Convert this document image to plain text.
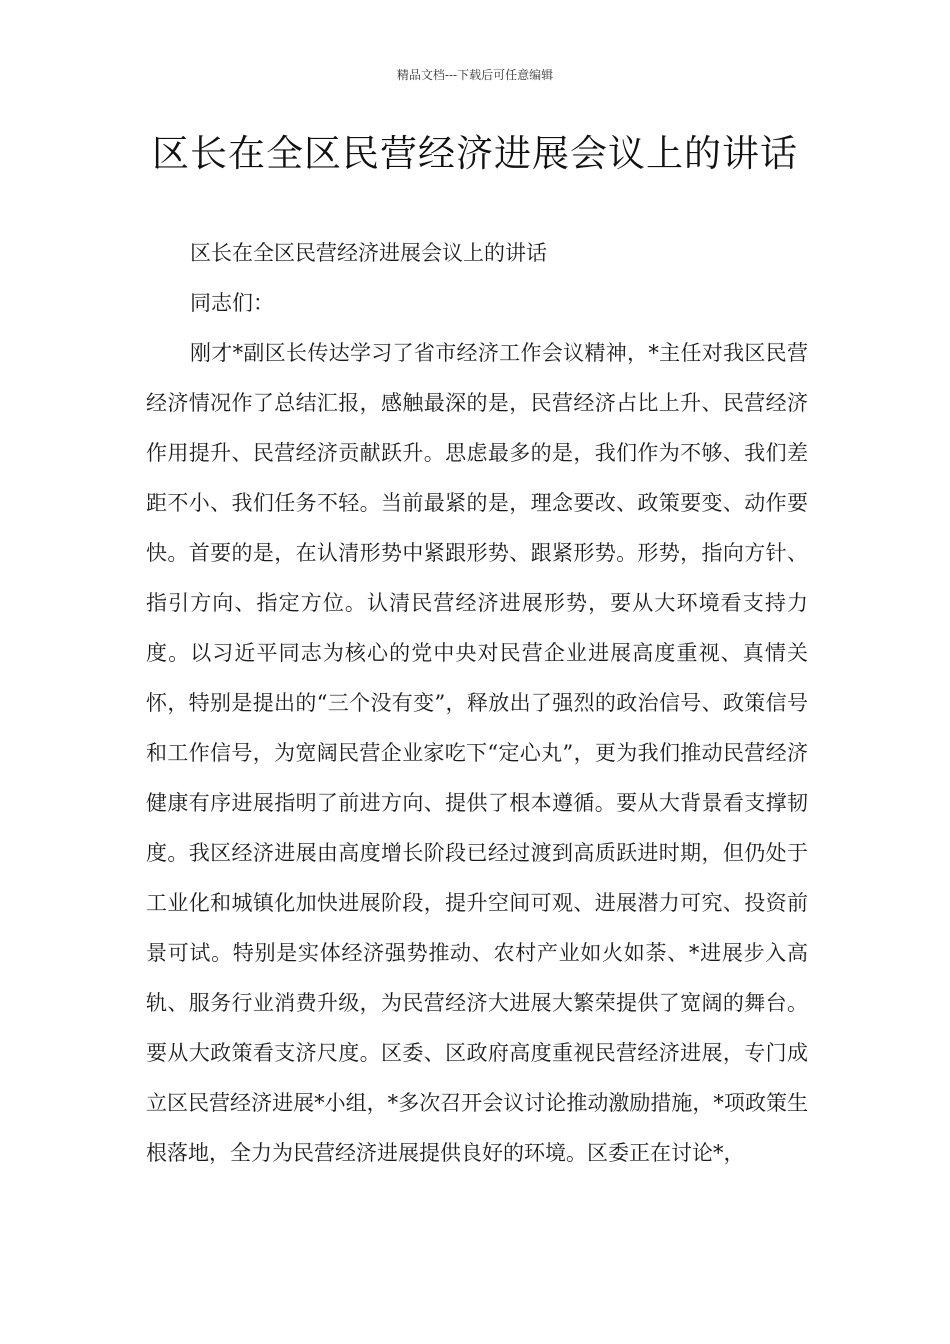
精品文档---下载后可任意编辑
区长在全区民营经济进展会议上的讲话

区长在全区民营经济进展会议上的讲话

同志们：

刚才*副区长传达学习了省市经济工作会议精神，*主任对我区民营经济情况作了总结汇报，感触最深的是，民营经济占比上升、民营经济作用提升、民营经济贡献跃升。思虑最多的是，我们作为不够、我们差距不小、我们任务不轻。当前最紧的是，理念要改、政策要变、动作要快。首要的是，在认清形势中紧跟形势、跟紧形势。形势，指向方针、指引方向、指定方位。认清民营经济进展形势，要从大环境看支持力度。以习近平同志为核心的党中央对民营企业进展高度重视、真情关怀，特别是提出的“三个没有变”，释放出了强烈的政治信号、政策信号和工作信号，为宽阔民营企业家吃下“定心丸”，更为我们推动民营经济健康有序进展指明了前进方向、提供了根本遵循。要从大背景看支撑韧度。我区经济进展由高度增长阶段已经过渡到高质跃进时期，但仍处于工业化和城镇化加快进展阶段，提升空间可观、进展潜力可究、投资前景可试。特别是实体经济强势推动、农村产业如火如荼、*进展步入高轨、服务行业消费升级，为民营经济大进展大繁荣提供了宽阔的舞台。要从大政策看支济尺度。区委、区政府高度重视民营经济进展，专门成立区民营经济进展*小组，*多次召开会议讨论推动激励措施，*项政策生根落地，全力为民营经济进展提供良好的环境。区委正在讨论*，
